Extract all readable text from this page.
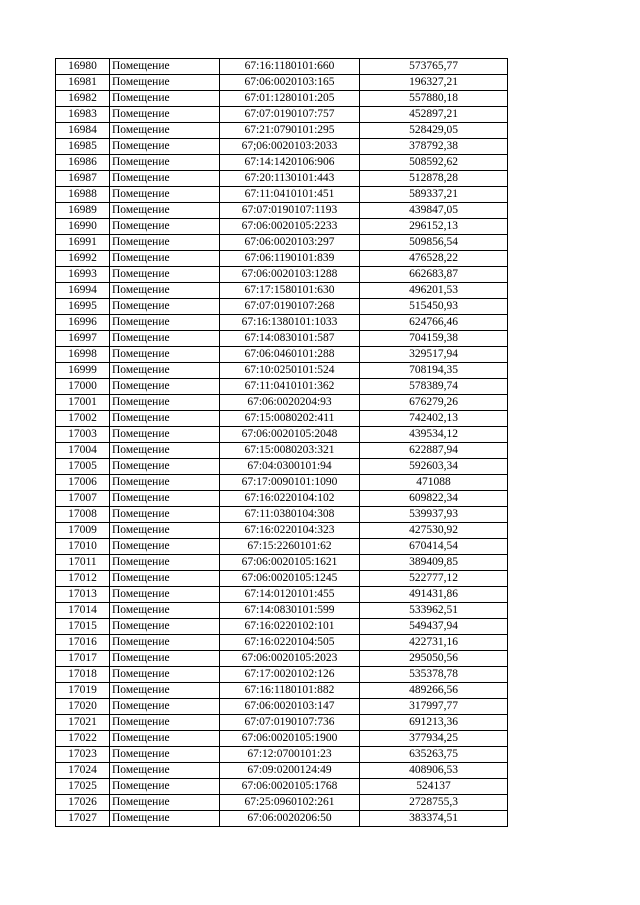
16980	Помещение	67:16:1180101:660	573765,77
16981	Помещение	67:06:0020103:165	196327,21
16982	Помещение	67:01:1280101:205	557880,18
16983	Помещение	67:07:0190107:757	452897,21
16984	Помещение	67:21:0790101:295	528429,05
16985	Помещение	67;06:0020103:2033	378792,38
16986	Помещение	67:14:1420106:906	508592,62
16987	Помещение	67:20:1130101:443	512878,28
16988	Помещение	67:11:0410101:451	589337,21
16989	Помещение	67:07:0190107:1193	439847,05
16990	Помещение	67:06:0020105:2233	296152,13
16991	Помещение	67:06:0020103:297	509856,54
16992	Помещение	67:06:1190101:839	476528,22
16993	Помещение	67:06:0020103:1288	662683,87
16994	Помещение	67:17:1580101:630	496201,53
16995	Помещение	67:07:0190107:268	515450,93
16996	Помещение	67:16:1380101:1033	624766,46
16997	Помещение	67:14:0830101:587	704159,38
16998	Помещение	67:06:0460101:288	329517,94
16999	Помещение	67:10:0250101:524	708194,35
17000	Помещение	67:11:0410101:362	578389,74
17001	Помещение	67:06:0020204:93	676279,26
17002	Помещение	67:15:0080202:411	742402,13
17003	Помещение	67:06:0020105:2048	439534,12
17004	Помещение	67:15:0080203:321	622887,94
17005	Помещение	67:04:0300101:94	592603,34
17006	Помещение	67:17:0090101:1090	471088
17007	Помещение	67:16:0220104:102	609822,34
17008	Помещение	67:11:0380104:308	539937,93
17009	Помещение	67:16:0220104:323	427530,92
17010	Помещение	67:15:2260101:62	670414,54
17011	Помещение	67:06:0020105:1621	389409,85
17012	Помещение	67:06:0020105:1245	522777,12
17013	Помещение	67:14:0120101:455	491431,86
17014	Помещение	67:14:0830101:599	533962,51
17015	Помещение	67:16:0220102:101	549437,94
17016	Помещение	67:16:0220104:505	422731,16
17017	Помещение	67:06:0020105:2023	295050,56
17018	Помещение	67:17:0020102:126	535378,78
17019	Помещение	67:16:1180101:882	489266,56
17020	Помещение	67:06:0020103:147	317997,77
17021	Помещение	67:07:0190107:736	691213,36
17022	Помещение	67:06:0020105:1900	377934,25
17023	Помещение	67:12:0700101:23	635263,75
17024	Помещение	67:09:0200124:49	408906,53
17025	Помещение	67:06:0020105:1768	524137
17026	Помещение	67:25:0960102:261	2728755,3
17027	Помещение	67:06:0020206:50	383374,51
